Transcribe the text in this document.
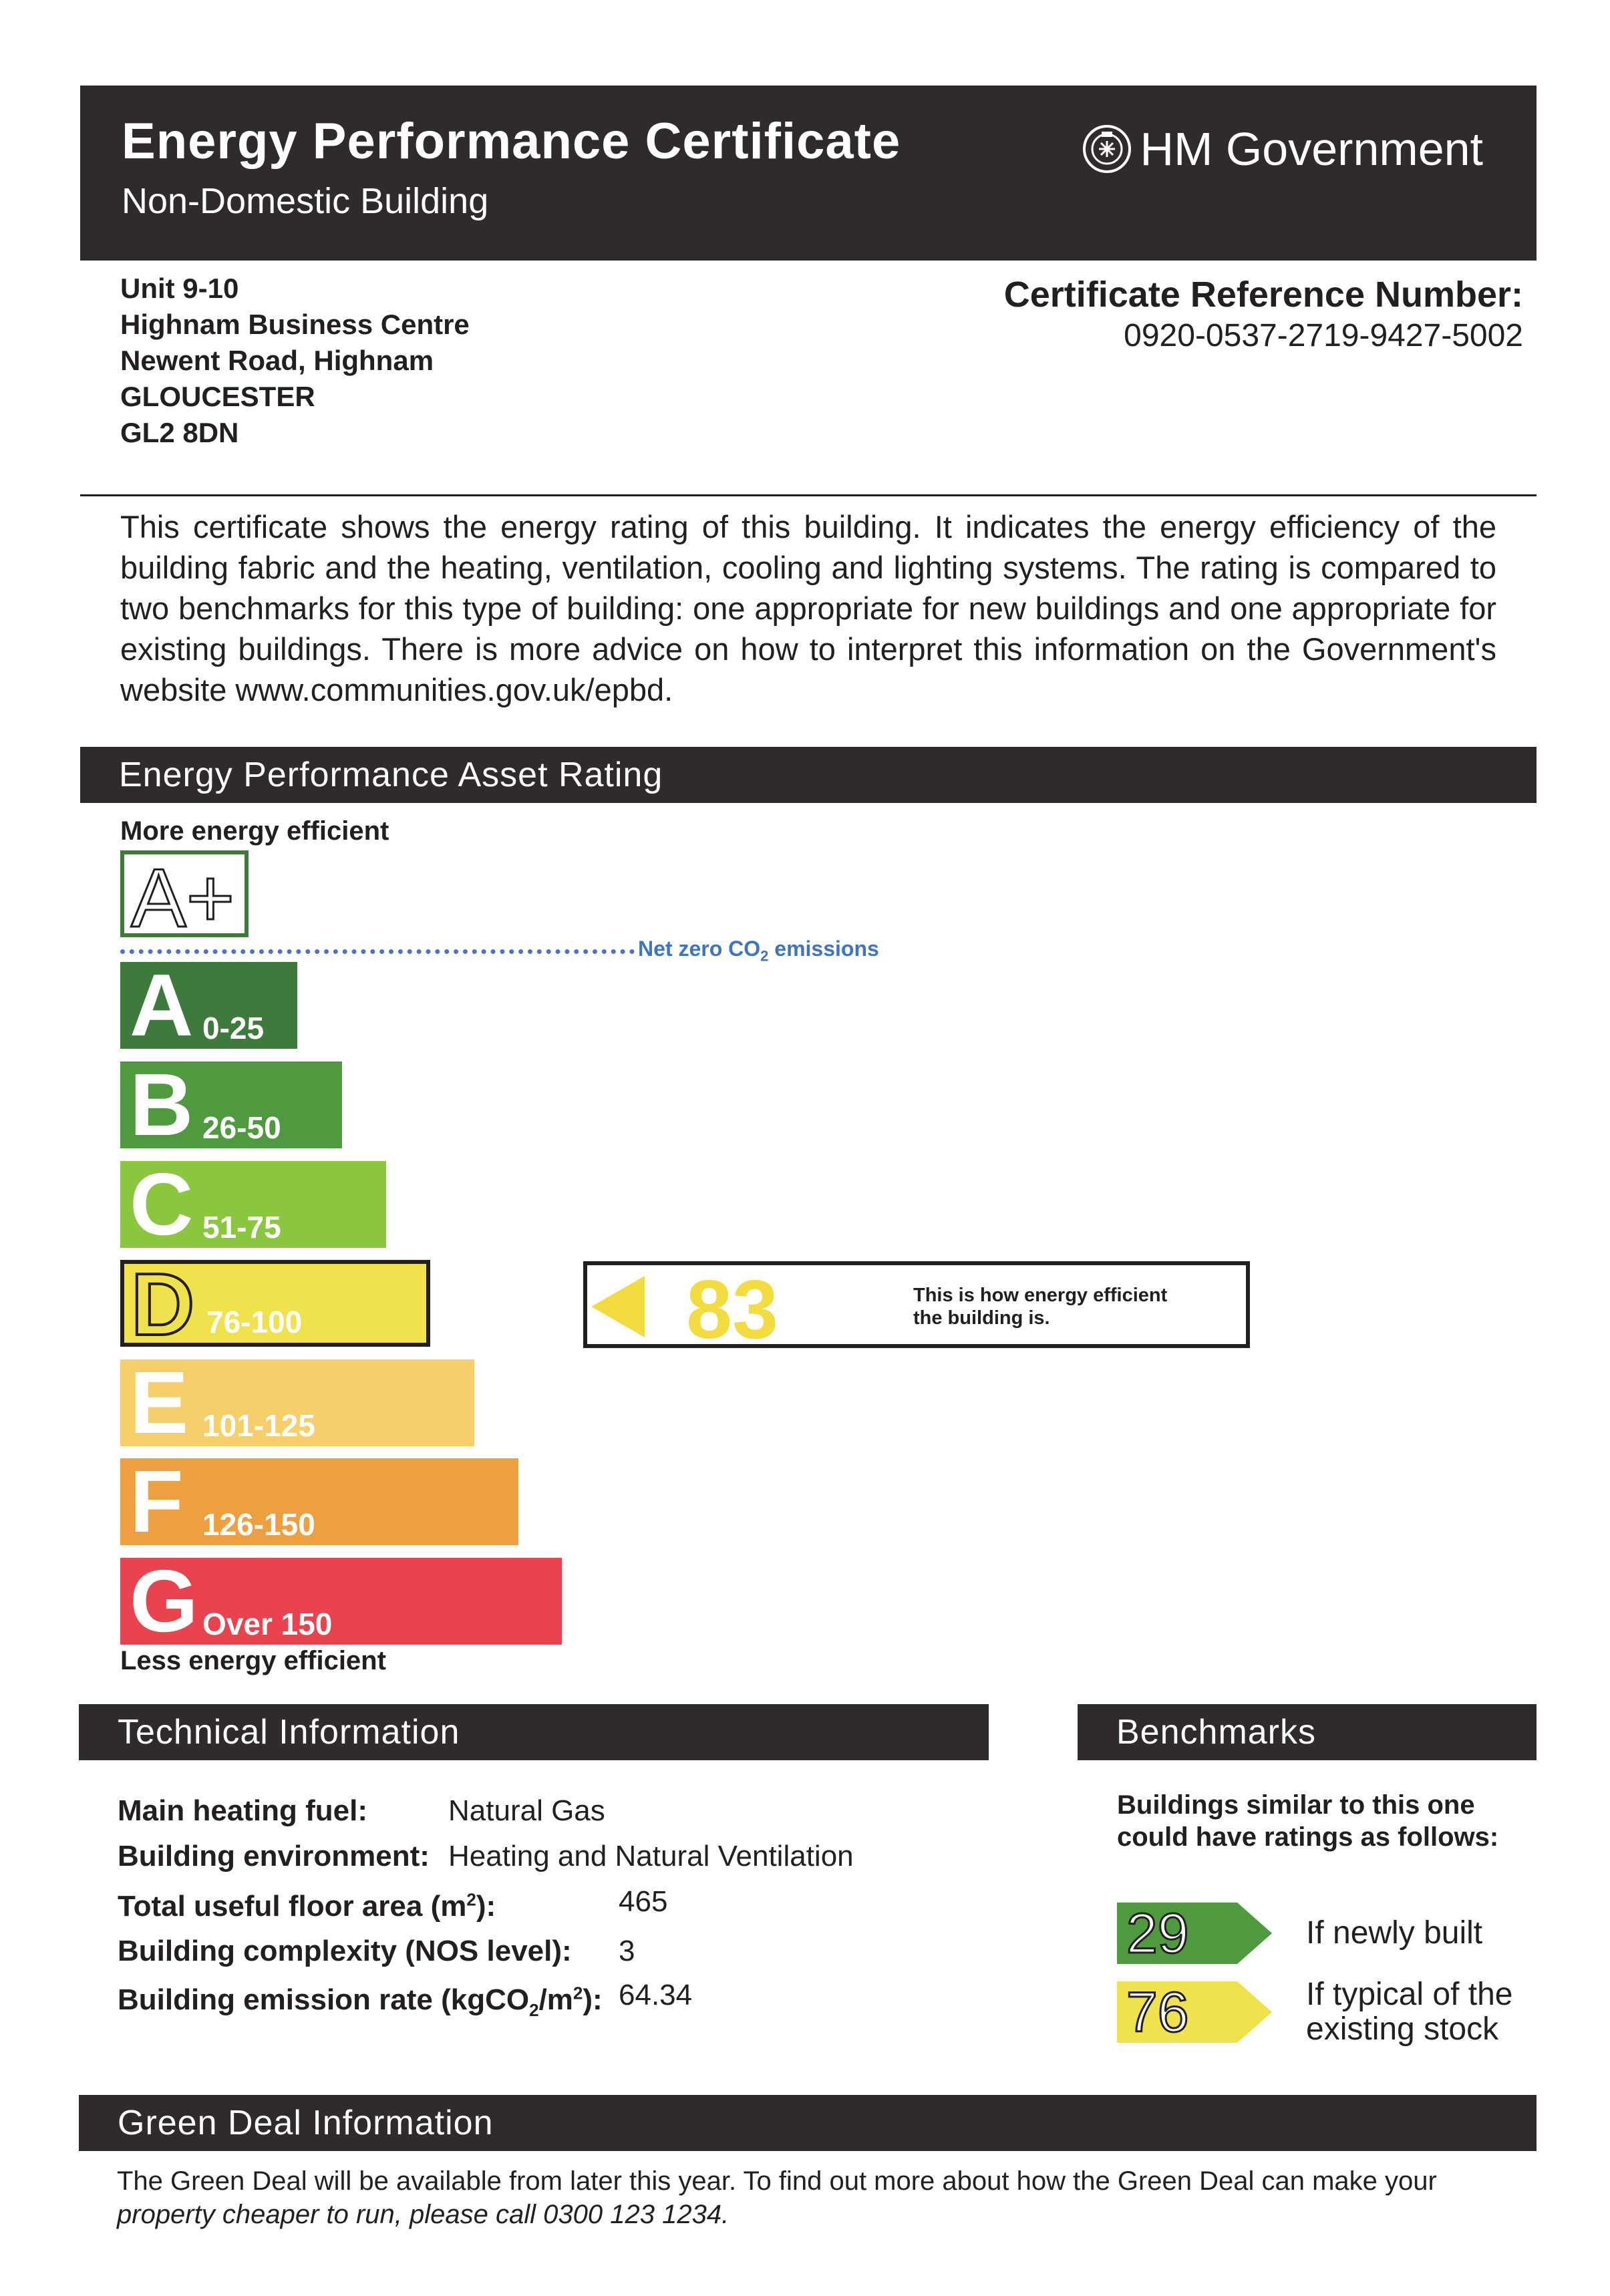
Energy Performance Certificate
Non-Domestic Building
HM Government
Unit 9-10
Highnam Business Centre
Newent Road, Highnam
GLOUCESTER
GL2 8DN
Certificate Reference Number:
0920-0537-2719-9427-5002
This certificate shows the energy rating of this building. It indicates the energy efficiency of the building fabric and the heating, ventilation, cooling and lighting systems. The rating is compared to two benchmarks for this type of building: one appropriate for new buildings and one appropriate for existing buildings. There is more advice on how to interpret this information on the Government's website www.communities.gov.uk/epbd.
Energy Performance Asset Rating
More energy efficient
A+
Net zero $CO_2$ emissions
A 0-25
B 26-50
C 51-75
D 76-100
E 101-125
F 126-150
G Over 150
Less energy efficient
83	This is how energy efficient
the building is.
Technical Information
Main heating fuel:	Natural Gas
Building environment: Heating and Natural Ventilation
Total useful floor area $(m^2)$:	465
Building complexity (NOS level): 3
Building emission rate $(kgCO_2/m^2)$: 64.34
Benchmarks
Buildings similar to this one could have ratings as follows:
29	If newly built
76	If typical of the
existing stock
Green Deal Information
The Green Deal will be available from later this year. To find out more about how the Green Deal can make your
property cheaper to run, please call 0300 123 1234.
